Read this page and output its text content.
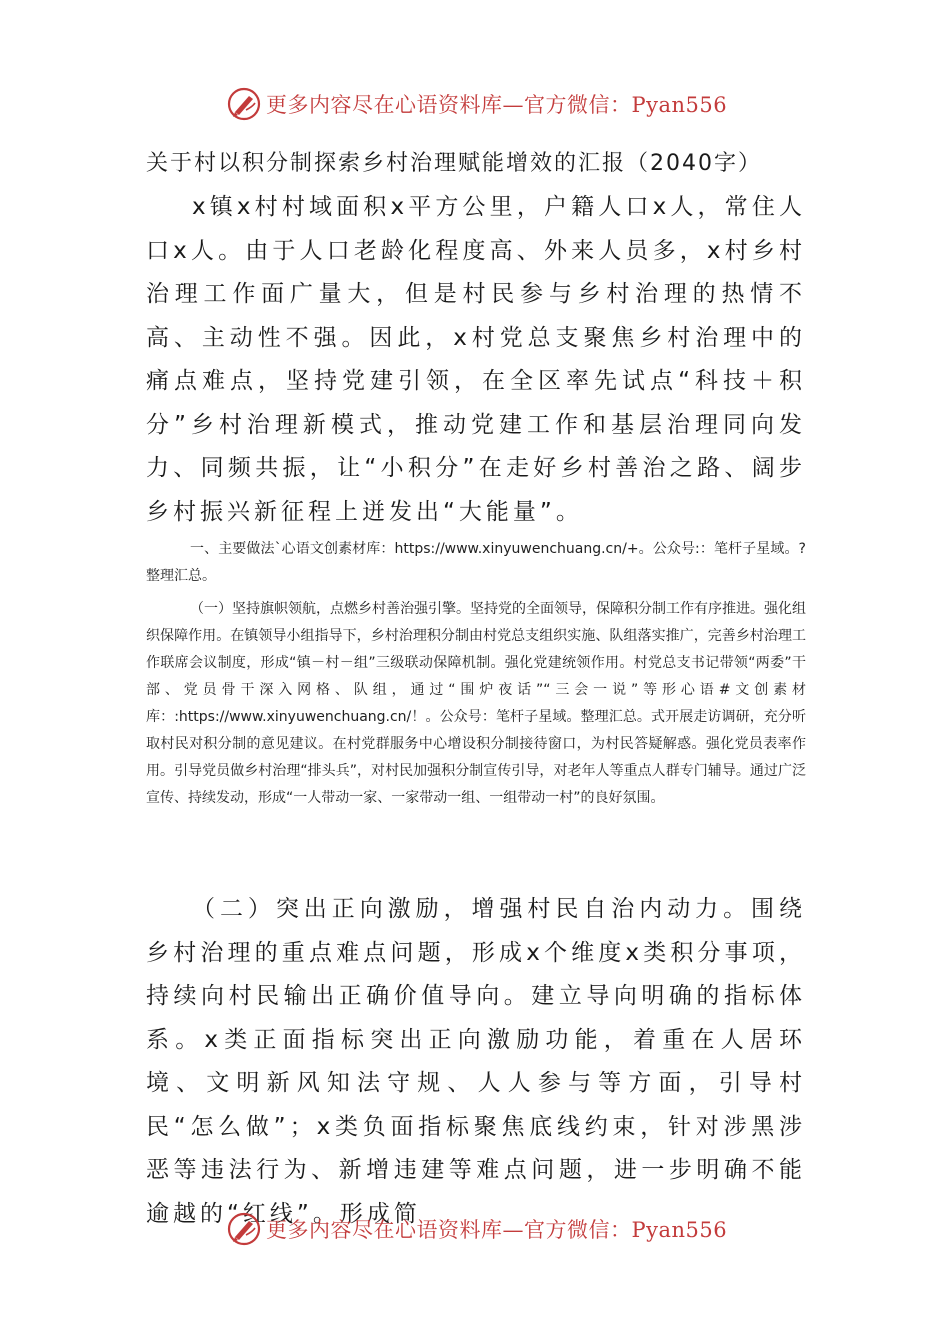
更多内容尽在心语资料库—官方微信：Pyan556
关于村以积分制探索乡村治理赋能增效的汇报（2040字）

x镇x村村域面积x平方公里，户籍人口x人，常住人口x人。由于人口老龄化程度高、外来人员多，x村乡村治理工作面广量大，但是村民参与乡村治理的热情不高、主动性不强。因此，x村党总支聚焦乡村治理中的痛点难点，坚持党建引领，在全区率先试点“科技＋积分”乡村治理新模式，推动党建工作和基层治理同向发力、同频共振，让“小积分”在走好乡村善治之路、阔步乡村振兴新征程上迸发出“大能量”。

一、主要做法`心语文创素材库：https://www.xinyuwenchuang.cn/+。公众号:：笔杆子星域。?整理汇总。

（一）坚持旗帜领航，点燃乡村善治强引擎。坚持党的全面领导，保障积分制工作有序推进。强化组织保障作用。在镇领导小组指导下，乡村治理积分制由村党总支组织实施、队组落实推广，完善乡村治理工作联席会议制度，形成“镇－村－组”三级联动保障机制。强化党建统领作用。村党总支书记带领“两委”干部、党员骨干深入网格、队组，通过“围炉夜话”“三会一说”等形心语#文创素材库：:https://www.xinyuwenchuang.cn/！。公众号：笔杆子星域。整理汇总。式开展走访调研，充分听取村民对积分制的意见建议。在村党群服务中心增设积分制接待窗口，为村民答疑解惑。强化党员表率作用。引导党员做乡村治理“排头兵”，对村民加强积分制宣传引导，对老年人等重点人群专门辅导。通过广泛宣传、持续发动，形成“一人带动一家、一家带动一组、一组带动一村”的良好氛围。

（二）突出正向激励，增强村民自治内动力。围绕乡村治理的重点难点问题，形成x个维度x类积分事项，持续向村民输出正确价值导向。建立导向明确的指标体系。x类正面指标突出正向激励功能，着重在人居环境、文明新风知法守规、人人参与等方面，引导村民“怎么做”；x类负面指标聚焦底线约束，针对涉黑涉恶等违法行为、新增违建等难点问题，进一步明确不能逾越的“红线”。形成简

更多内容尽在心语资料库—官方微信：Pyan556
